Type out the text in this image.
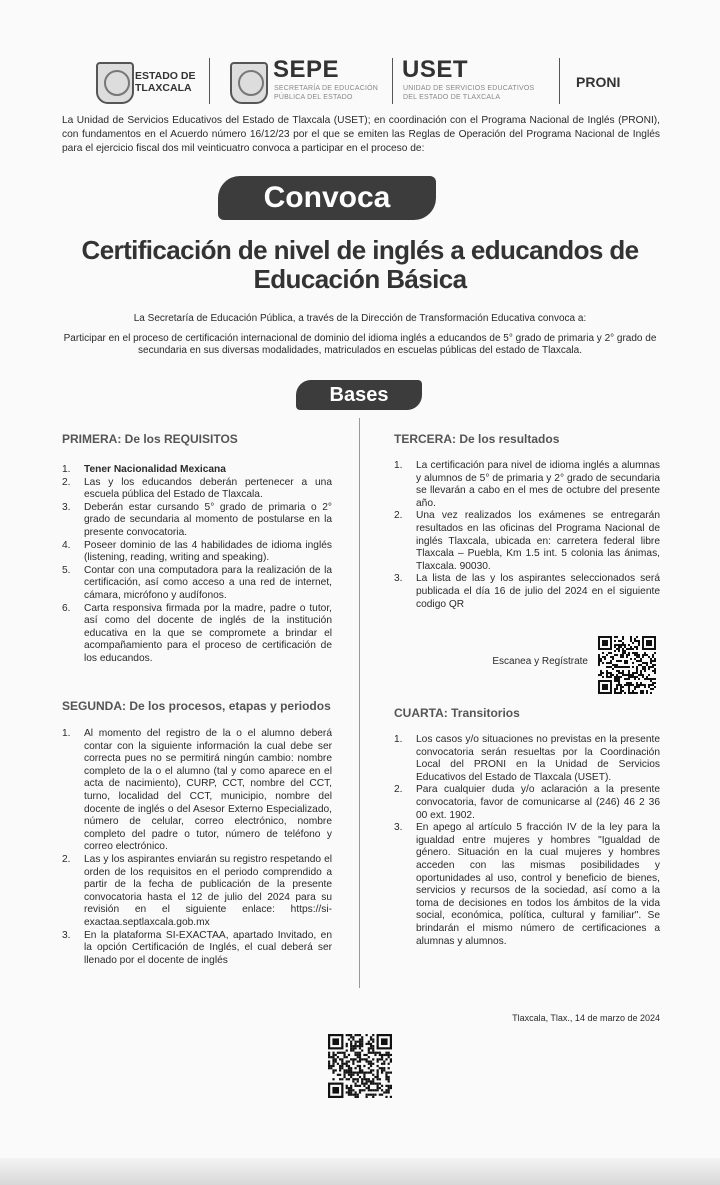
ESTADO DE
TLAXCALA
SEPE
SECRETARÍA DE EDUCACIÓN
PÚBLICA DEL ESTADO
USET
UNIDAD DE SERVICIOS EDUCATIVOS
DEL ESTADO DE TLAXCALA
PRONI
La Unidad de Servicios Educativos del Estado de Tlaxcala (USET); en coordinación con el Programa Nacional de Inglés (PRONI), con fundamentos en el Acuerdo número 16/12/23 por el que se emiten las Reglas de Operación del Programa Nacional de Inglés para el ejercicio fiscal dos mil veinticuatro convoca a participar en el proceso de:
Convoca
Certificación de nivel de inglés a educandos de
Educación Básica
La Secretaría de Educación Pública, a través de la Dirección de Transformación Educativa convoca a:
Participar en el proceso de certificación internacional de dominio del idioma inglés a educandos de 5° grado de primaria y 2° grado de secundaria en sus diversas modalidades, matriculados en escuelas públicas del estado de Tlaxcala.
Bases
PRIMERA: De los REQUISITOS
1. Tener Nacionalidad Mexicana
2. Las y los educandos deberán pertenecer a una escuela pública del Estado de Tlaxcala.
3. Deberán estar cursando 5° grado de primaria o 2° grado de secundaria al momento de postularse en la presente convocatoria.
4. Poseer dominio de las 4 habilidades de idioma inglés (listening, reading, writing and speaking).
5. Contar con una computadora para la realización de la certificación, así como acceso a una red de internet, cámara, micrófono y audífonos.
6. Carta responsiva firmada por la madre, padre o tutor, así como del docente de inglés de la institución educativa en la que se compromete a brindar el acompañamiento para el proceso de certificación de los educandos.
SEGUNDA: De los procesos, etapas y periodos
1. Al momento del registro de la o el alumno deberá contar con la siguiente información la cual debe ser correcta pues no se permitirá ningún cambio: nombre completo de la o el alumno (tal y como aparece en el acta de nacimiento), CURP, CCT, nombre del CCT, turno, localidad del CCT, municipio, nombre del docente de inglés o del Asesor Externo Especializado, número de celular, correo electrónico, nombre completo del padre o tutor, número de teléfono y correo electrónico.
2. Las y los aspirantes enviarán su registro respetando el orden de los requisitos en el periodo comprendido a partir de la fecha de publicación de la presente convocatoria hasta el 12 de julio del 2024 para su revisión en el siguiente enlace: https://si-exactaa.septlaxcala.gob.mx
3. En la plataforma SI-EXACTAA, apartado Invitado, en la opción Certificación de Inglés, el cual deberá ser llenado por el docente de inglés
TERCERA: De los resultados
1. La certificación para nivel de idioma inglés a alumnas y alumnos de 5° de primaria y 2° grado de secundaria se llevarán a cabo en el mes de octubre del presente año.
2. Una vez realizados los exámenes se entregarán resultados en las oficinas del Programa Nacional de inglés Tlaxcala, ubicada en: carretera federal libre Tlaxcala – Puebla, Km 1.5 int. 5 colonia las ánimas, Tlaxcala. 90030.
3. La lista de las y los aspirantes seleccionados será publicada el día 16 de julio del 2024 en el siguiente codigo QR
Escanea y Regístrate
CUARTA: Transitorios
1. Los casos y/o situaciones no previstas en la presente convocatoria serán resueltas por la Coordinación Local del PRONI en la Unidad de Servicios Educativos del Estado de Tlaxcala (USET).
2. Para cualquier duda y/o aclaración a la presente convocatoria, favor de comunicarse al (246) 46 2 36 00 ext. 1902.
3. En apego al artículo 5 fracción IV de la ley para la igualdad entre mujeres y hombres "Igualdad de género. Situación en la cual mujeres y hombres acceden con las mismas posibilidades y oportunidades al uso, control y beneficio de bienes, servicios y recursos de la sociedad, así como a la toma de decisiones en todos los ámbitos de la vida social, económica, política, cultural y familiar". Se brindarán el mismo número de certificaciones a alumnas y alumnos.
Tlaxcala, Tlax., 14 de marzo de 2024
